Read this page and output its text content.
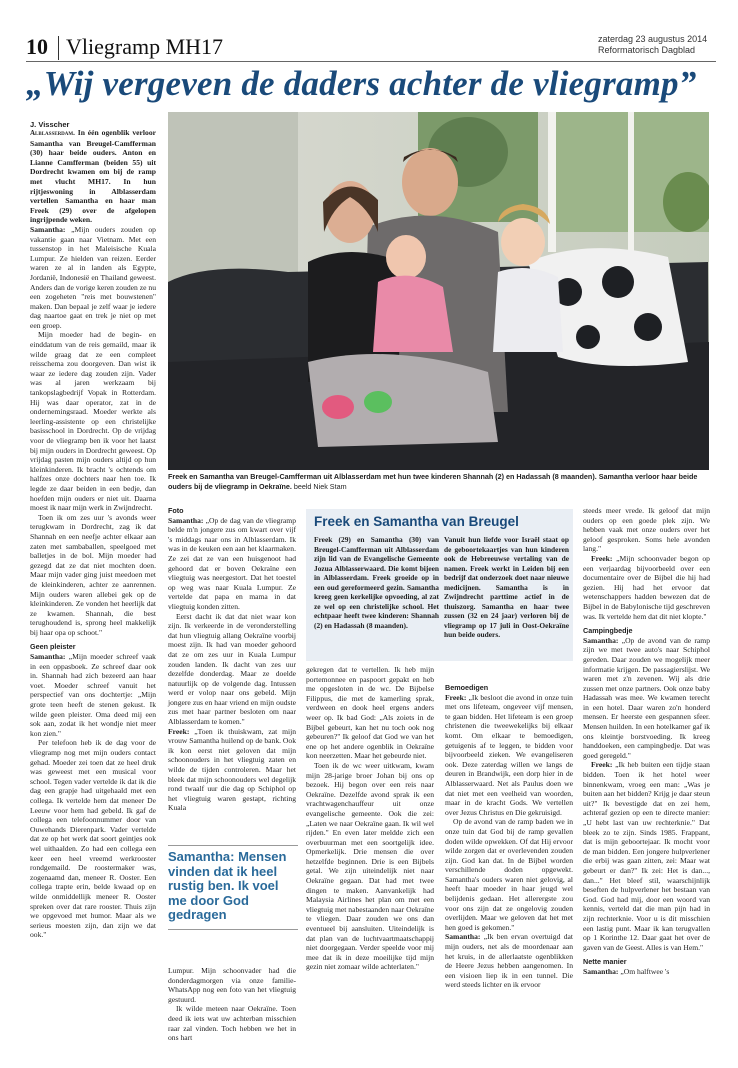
10 Vliegramp MH17	zaterdag 23 augustus 2014
Reformatorisch Dagblad
„Wij vergeven de daders achter de vliegramp”
J. Visscher
Freek en Samantha van Breugel-Camfferman uit Alblasserdam met hun twee kinderen Shannah (2) en Hadassah (8 maanden). Samantha verloor haar beide ouders bij de vliegramp in Oekraïne. beeld Niek Stam

Alblasserdam. In één ogenblik verloor Samantha van Breugel-Camfferman (30) haar beide ouders. Anton en Lianne Camfferman (beiden 55) uit Dordrecht kwamen om bij de ramp met vlucht MH17. In hun rijtjeswoning in Alblasserdam vertellen Samantha en haar man Freek (29) over de afgelopen ingrijpende weken.

Samantha: „Mijn ouders zouden op vakantie gaan naar Vietnam. Met een tussenstop in het Maleisische Kuala Lumpur. Ze hielden van reizen. Eerder waren ze al in landen als Egypte, Jordanië, Indonesië en Thailand geweest. Anders dan de vorige keren zouden ze nu een zogeheten "reis met bouwstenen" maken. Dan bepaal je zelf waar je iedere dag naartoe gaat en trek je niet op met een groep.

Mijn moeder had de begin- en einddatum van de reis gemaild, maar ik wilde graag dat ze een compleet reisschema zou doorgeven. Dan wist ik waar ze iedere dag zouden zijn. Vader was al jaren werkzaam bij tankopslagbedrijf Vopak in Rotterdam. Hij was daar operator, zat in de ondernemingsraad. Moeder werkte als leerling-assistente op een christelijke basisschool in Dordrecht. Op de vrijdag voor de vliegramp ben ik voor het laatst bij mijn ouders in Dordrecht geweest. Op vrijdag pasten mijn ouders altijd op hun kleinkinderen. Ik bracht 's ochtends om halfzes onze dochters naar hen toe. Ik legde ze daar beiden in een bedje, dan hoefden mijn ouders er niet uit. Daarna moest ik naar mijn werk in Zwijndrecht.

Toen ik om zes uur 's avonds weer terugkwam in Dordrecht, zag ik dat Shannah en een neefje achter elkaar aan zaten met sambaballen, speelgoed met balletjes in de bol. Mijn moeder had gezegd dat ze dat niet mochten doen. Maar mijn vader ging juist meedoen met de kleinkinderen, achter ze aanrennen. Mijn ouders waren allebei gek op de kleinkinderen. Ze vonden het heerlijk dat ze kwamen. Shannah, die best terughoudend is, sprong heel makkelijk bij haar opa op schoot."

Geen pleister

Samantha: „Mijn moeder schreef vaak in een oppasboek. Ze schreef daar ook in. Shannah had zich bezeerd aan haar voet. Moeder schreef vanuit het perspectief van ons dochtertje: „Mijn grote teen heeft de stenen gekust. Ik wilde geen pleister. Oma deed mij een sok aan, zodat ik het wondje niet meer kon zien."

Per telefoon heb ik de dag voor de vliegramp nog met mijn ouders contact gehad. Moeder zei toen dat ze heel druk was geweest met een musical voor school. Tegen vader vertelde ik dat ik die dag een grapje had uitgehaald met een collega. Ik vertelde hem dat meneer De Leeuw voor hem had gebeld. Ik gaf de collega een telefoonnummer door van Ouwehands Dierenpark. Vader vertelde dat ze op het werk dat soort geintjes ook wel uithaalden. Zo had een collega een keer een heel vreemd werkrooster rondgemaild. De roostermaker was, zogenaamd dan, meneer R. Ooster. Een collega trapte erin, belde kwaad op en wilde onmiddellijk meneer R. Ooster spreken over dat rare rooster. Thuis zijn we opgevoed met humor. Maar als we serieus moesten zijn, dan zijn we dat ook."

Foto

Samantha: „Op de dag van de vliegramp belde m'n jongere zus om kwart over vijf 's middags naar ons in Alblasserdam. Ik was in de keuken een aan het klaarmaken. Ze zei dat ze van een huisgenoot had gehoord dat er boven Oekraïne een vliegtuig was neergestort. Dat het toestel op weg was naar Kuala Lumpur. Ze vertelde dat papa en mama in dat vliegtuig konden zitten.

Eerst dacht ik dat dat niet waar kon zijn. Ik verkeerde in de veronderstelling dat hun vliegtuig allang Oekraïne voorbij moest zijn. Ik had van moeder gehoord dat ze om zes uur in Kuala Lumpur zouden landen. Ik dacht van zes uur dezelfde donderdag. Maar ze doelde natuurlijk op de volgende dag. Intussen werd er volop naar ons gebeld. Mijn jongere zus en haar vriend en mijn oudste zus met haar partner besloten om naar Alblasserdam te komen."

Freek: „Toen ik thuiskwam, zat mijn vrouw Samantha huilend op de bank. Ook ik kon eerst niet geloven dat mijn schoonouders in het vliegtuig zaten en wilde de tijden controleren. Maar het bleek dat mijn schoonouders wel degelijk rond twaalf uur die dag op Schiphol op het vliegtuig waren gestapt, richting Kuala

Samantha: Mensen vinden dat ik heel rustig ben. Ik voel me door God gedragen

Lumpur. Mijn schoonvader had die donderdagmorgen via onze familie-WhatsApp nog een foto van het vliegtuig gestuurd.

Ik wilde meteen naar Oekraïne. Toen deed ik iets wat uw achterban misschien raar zal vinden. Toch hebben we het in ons hart

Freek en Samantha van Breugel
Freek (29) en Samantha (30) van Breugel-Camfferman uit Alblasserdam zijn lid van de Evangelische Gemeente Jozua Alblasserwaard. Die komt bijeen in Alblasserdam. Freek groeide op in een oud gereformeerd gezin. Samantha kreeg geen kerkelijke opvoeding, al zat ze wel op een christelijke school. Het echtpaar heeft twee kinderen: Shannah (2) en Hadassah (8 maanden).
Vanuit hun liefde voor Israël staat op de geboortekaartjes van hun kinderen ook de Hebreeuwse vertaling van de namen. Freek werkt in Leiden bij een bedrijf dat onderzoek doet naar nieuwe medicijnen. Samantha is in Zwijndrecht parttime actief in de thuiszorg. Samantha en haar twee zussen (32 en 24 jaar) verloren bij de vliegramp op 17 juli in Oost-Oekraïne hun beide ouders.

gekregen dat te vertellen. Ik heb mijn portemonnee en paspoort gepakt en heb me opgesloten in de wc. De Bijbelse Filippus, die met de kamerling sprak, verdween en dook heel ergens anders weer op. Ik bad God: „Als zoiets in de Bijbel gebeurt, kan het nu toch ook nog gebeuren?" Ik geloof dat God we van het ene op het andere ogenblik in Oekraïne kon neerzetten. Maar het gebeurde niet.

Toen ik de wc weer uitkwam, kwam mijn 28-jarige broer Johan bij ons op bezoek. Hij begon over een reis naar Oekraïne. Dezelfde avond sprak ik een vrachtwagenchauffeur uit onze evangelische gemeente. Ook die zei: „Laten we naar Oekraïne gaan. Ik wil wel rijden." En even later meldde zich een overbuurman met een soortgelijk idee. Opmerkelijk. Drie mensen die over hetzelfde beginnen. Drie is een Bijbels getal. We zijn uiteindelijk niet naar Oekraïne gegaan. Dat had met twee dingen te maken. Aanvankelijk had Malaysia Airlines het plan om met een vliegtuig met nabestaanden naar Oekraïne te vliegen. Daar zouden we ons dan eventueel bij aansluiten. Uiteindelijk is dat plan van de luchtvaartmaatschappij niet doorgegaan. Verder speelde voor mij mee dat ik in deze moeilijke tijd mijn gezin niet zomaar wilde achterlaten."

Bemoedigen

Freek: „Ik besloot die avond in onze tuin met ons lifeteam, ongeveer vijf mensen, te gaan bidden. Het lifeteam is een groep christenen die tweewekelijks bij elkaar komt. Om elkaar te bemoedigen, getuigenis af te leggen, te bidden voor bijvoorbeeld zieken. We evangeliseren ook. Deze zaterdag willen we langs de deuren in Brandwijk, een dorp hier in de Alblasserwaard. Net als Paulus doen we dat niet met een veelheid van woorden, maar in de kracht Gods. We vertellen over Jezus Christus en Die gekruisigd.

Op de avond van de ramp baden we in onze tuin dat God bij de ramp gevallen doden wilde opwekken. Of dat Hij ervoor wilde zorgen dat er overlevenden zouden zijn. God kan dat. In de Bijbel worden verschillende doden opgewekt. Samantha's ouders waren niet gelovig, al heeft haar moeder in haar jeugd wel belijdenis gedaan. Het allerergste zou voor ons zijn dat ze ongelovig zouden overlijden. Maar we geloven dat het met hen goed is gekomen."

Samantha: „Ik ben ervan overtuigd dat mijn ouders, net als de moordenaar aan het kruis, in de allerlaatste ogenblikken de Heere Jezus hebben aangenomen. In een visioen liep ik in een tunnel. Die werd steeds lichter en ik ervoor

steeds meer vrede. Ik geloof dat mijn ouders op een goede plek zijn. We hebben vaak met onze ouders over het geloof gesproken. Soms hele avonden lang."

Freek: „Mijn schoonvader begon op een verjaardag bijvoorbeeld over een documentaire over de Bijbel die hij had gezien. Hij had het ervoor dat wetenschappers hadden bewezen dat de Bijbel in de Babylonische tijd geschreven was. Ik vertelde hem dat dit niet klopte."

Campingbedje

Samantha: „Op de avond van de ramp zijn we met twee auto's naar Schiphol gereden. Daar zouden we mogelijk meer informatie krijgen. De passagierslijst. We waren met z'n zevenen. Wij als drie zussen met onze partners. Ook onze baby Hadassah was mee. We kwamen terecht in een hotel. Daar waren zo'n honderd mensen. Er heerste een gespannen sfeer. Mensen huilden. In een hotelkamer gaf ik ons kleintje borstvoeding. Ik kreeg handdoeken, een campingbedje. Dat was goed geregeld."

Freek: „Ik heb buiten een tijdje staan bidden. Toen ik het hotel weer binnenkwam, vroeg een man: „Was je buiten aan het bidden? Krijg je daar steun uit?" Ik bevestigde dat en zei hem, achteraf gezien op een te directe manier: „U hebt last van uw rechterknie." Dat bleek zo te zijn. Sinds 1985. Frappant, dat is mijn geboortejaar. Ik mocht voor de man bidden. Een jongere hulpverlener die erbij was gaan zitten, zei: Maar wat gebeurt er dan?" Ik zei: Het is dan..., dan..." Het bleef stil, waarschijnlijk beseften de hulpverlener het bestaan van God. God had mij, door een woord van kennis, verteld dat die man pijn had in zijn rechterknie. Voor u is dit misschien een lastig punt. Maar ik kan terugvallen op 1 Korinthe 12. Daar gaat het over de gaven van de Geest. Alles is van Hem."

Nette manier

Samantha: „Om halftwee 's
